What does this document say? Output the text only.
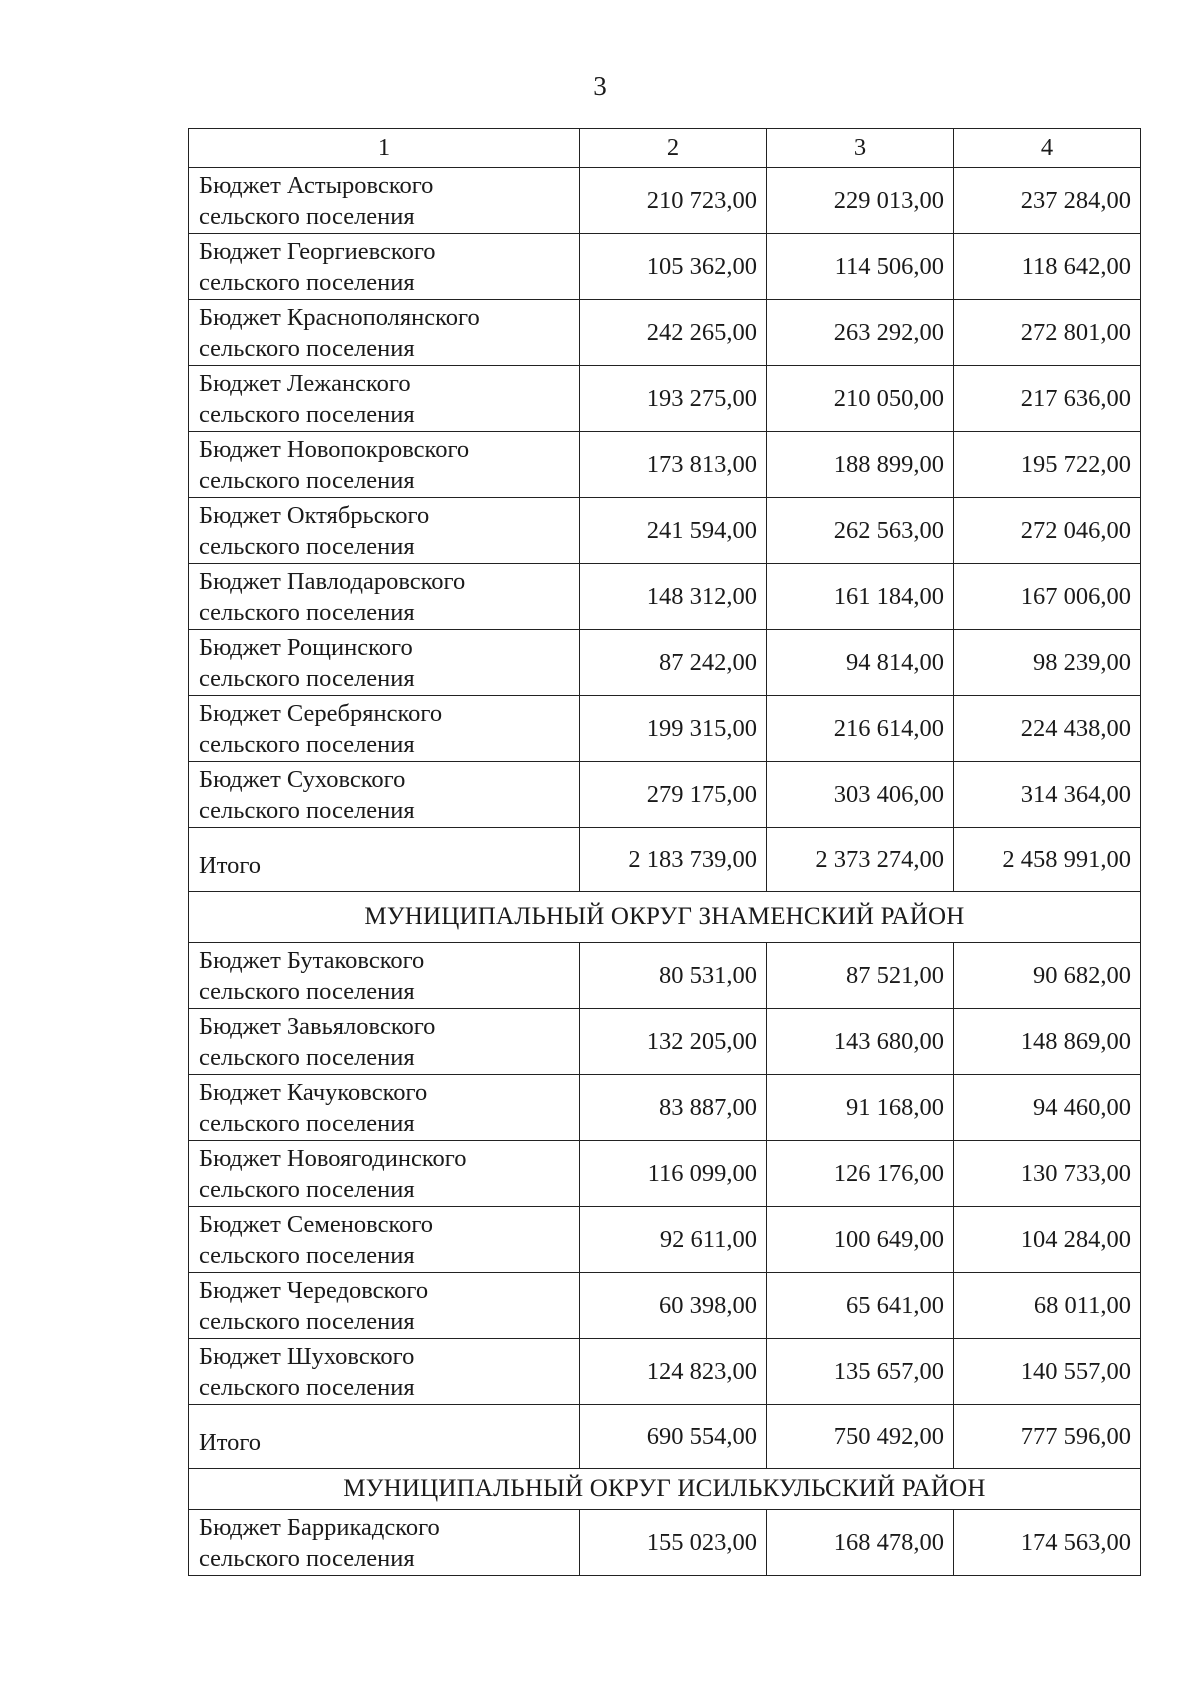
3
1	2	3	4

Бюджет Астыровского
сельского поселения	210 723,00	229 013,00	237 284,00

Бюджет Георгиевского
сельского поселения	105 362,00	114 506,00	118 642,00

Бюджет Краснополянского
сельского поселения	242 265,00	263 292,00	272 801,00

Бюджет Лежанского
сельского поселения	193 275,00	210 050,00	217 636,00

Бюджет Новопокровского
сельского поселения	173 813,00	188 899,00	195 722,00

Бюджет Октябрьского
сельского поселения	241 594,00	262 563,00	272 046,00

Бюджет Павлодаровского
сельского поселения	148 312,00	161 184,00	167 006,00

Бюджет Рощинского
сельского поселения	87 242,00	94 814,00	98 239,00

Бюджет Серебрянского
сельского поселения	199 315,00	216 614,00	224 438,00

Бюджет Суховского
сельского поселения	279 175,00	303 406,00	314 364,00
Итого	2 183 739,00	2 373 274,00	2 458 991,00
МУНИЦИПАЛЬНЫЙ ОКРУГ ЗНАМЕНСКИЙ РАЙОН			

Бюджет Бутаковского
сельского поселения	80 531,00	87 521,00	90 682,00

Бюджет Завьяловского
сельского поселения	132 205,00	143 680,00	148 869,00

Бюджет Качуковского
сельского поселения	83 887,00	91 168,00	94 460,00

Бюджет Новоягодинского
сельского поселения	116 099,00	126 176,00	130 733,00

Бюджет Семеновского
сельского поселения	92 611,00	100 649,00	104 284,00

Бюджет Чередовского
сельского поселения	60 398,00	65 641,00	68 011,00

Бюджет Шуховского
сельского поселения	124 823,00	135 657,00	140 557,00
Итого	690 554,00	750 492,00	777 596,00
МУНИЦИПАЛЬНЫЙ ОКРУГ ИСИЛЬКУЛЬСКИЙ РАЙОН			

Бюджет Баррикадского
сельского поселения	155 023,00	168 478,00	174 563,00
